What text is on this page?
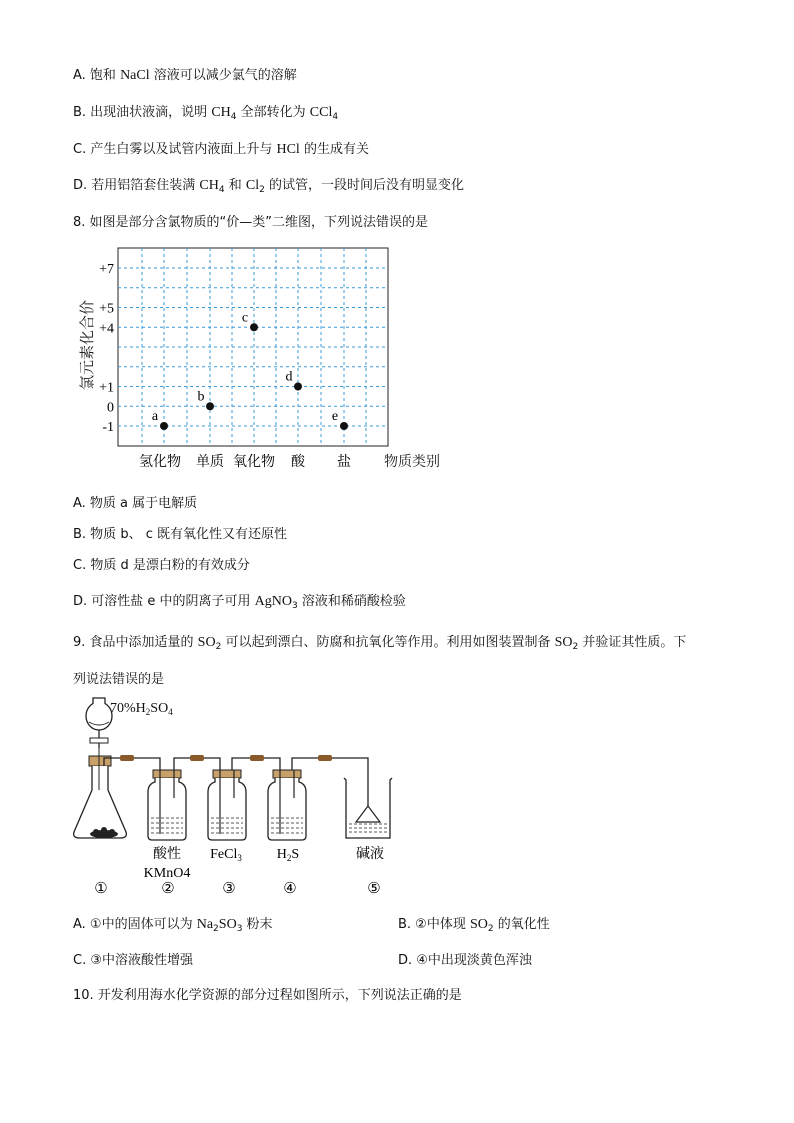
A. 饱和 NaCl 溶液可以减少氯气的溶解
B. 出现油状液滴，说明 $CH_4$ 全部转化为 CCl$_4$
C. 产生白雾以及试管内液面上升与 HCl 的生成有关
D. 若用铝箔套住装满 $CH_4$ 和 $Cl_2$ 的试管，一段时间后没有明显变化
8. 如图是部分含氯物质的“价—类”二维图，下列说法错误的是
+7
+5
+4
+1
0
-1
氢化物 单质 氧化物 酸 盐
氯元素化合价
物质类别
a
b
c
d
e
A. 物质 a 属于电解质
B. 物质 b、 c 既有氧化性又有还原性
C. 物质 d 是漂白粉的有效成分
D. 可溶性盐 e 中的阴离子可用 AgNO$_3$ 溶液和稀硝酸检验
9. 食品中添加适量的 $SO_2$ 可以起到漂白、防腐和抗氧化等作用。利用如图装置制备 $SO_2$ 并验证其性质。下
列说法错误的是
$70\%H_2SO_4$
酸性
KMnO4
FeCl$_3$ $H_2S$	碱液
①	②	③	④	⑤
A. ①中的固体可以为 $Na_2SO_3$ 粉末	B. ②中体现 $SO_2$ 的氧化性
C. ③中溶液酸性增强	D. ④中出现淡黄色浑浊
10. 开发利用海水化学资源的部分过程如图所示，下列说法正确的是
